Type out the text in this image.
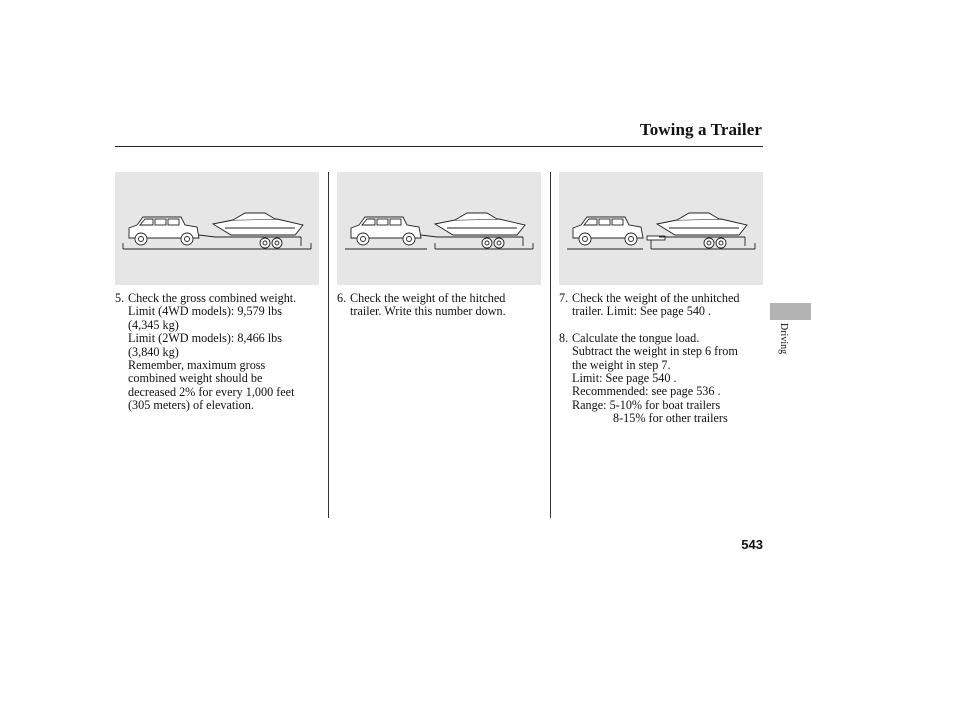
Towing a Trailer
5. Check the gross combined weight.
Limit (4WD models): 9,579 lbs
(4,345 kg)
Limit (2WD models): 8,466 lbs
(3,840 kg)
Remember, maximum gross
combined weight should be
decreased 2% for every 1,000 feet
(305 meters) of elevation.
6. Check the weight of the hitched
trailer. Write this number down.
7. Check the weight of the unhitched
trailer. Limit: See page 540 .
8. Calculate the tongue load.
Subtract the weight in step 6 from
the weight in step 7.
Limit: See page 540 .
Recommended: see page 536 .
Range: 5-10% for boat trailers
8-15% for other trailers
Driving
543
